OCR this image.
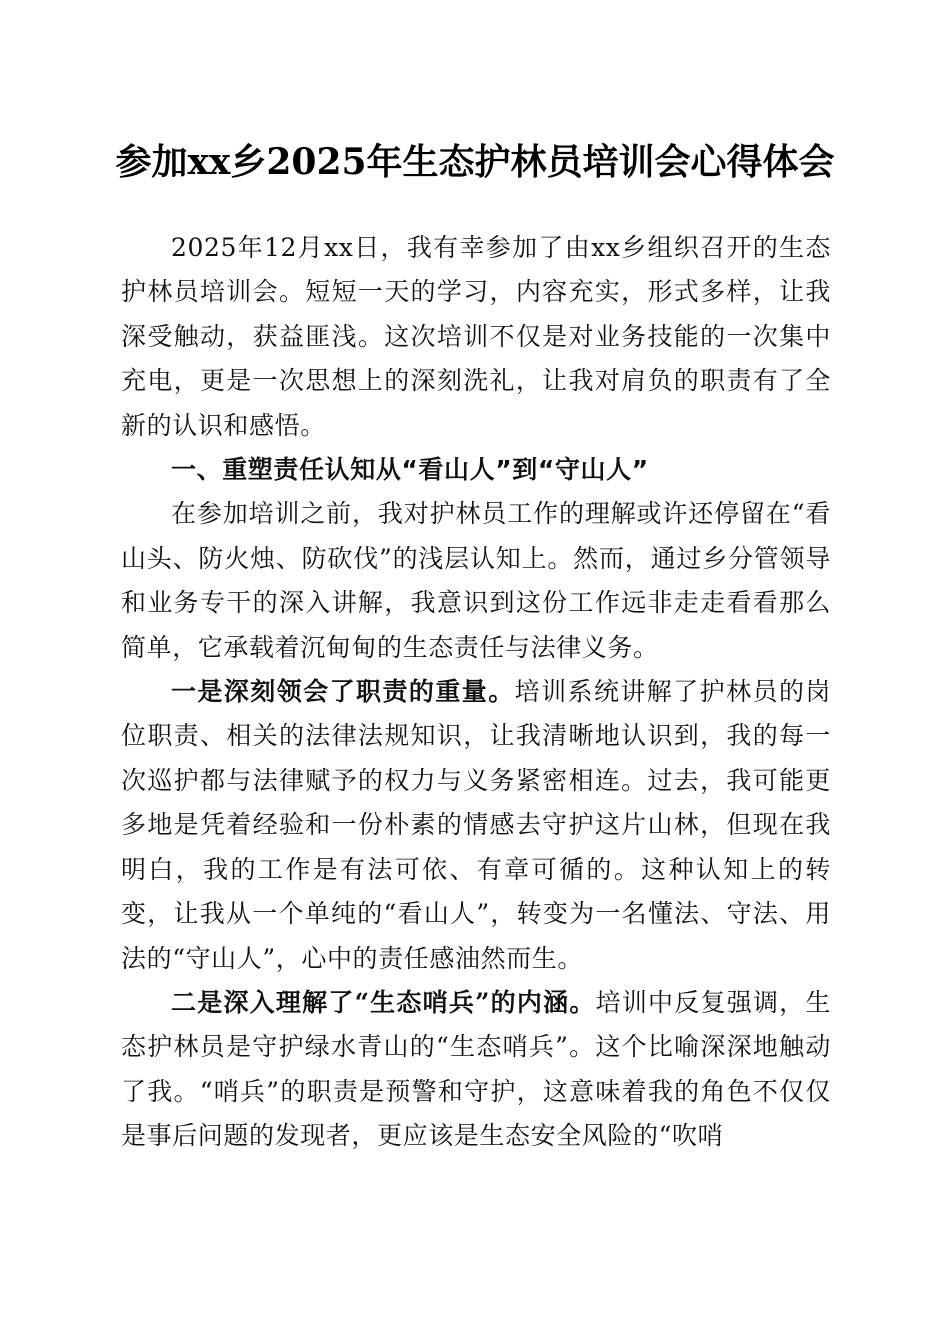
参加xx乡2025年生态护林员培训会心得体会

2025年12月xx日，我有幸参加了由xx乡组织召开的生态护林员培训会。短短一天的学习，内容充实，形式多样，让我深受触动，获益匪浅。这次培训不仅是对业务技能的一次集中充电，更是一次思想上的深刻洗礼，让我对肩负的职责有了全新的认识和感悟。

一、重塑责任认知从“看山人”到“守山人”

在参加培训之前，我对护林员工作的理解或许还停留在“看山头、防火烛、防砍伐”的浅层认知上。然而，通过乡分管领导和业务专干的深入讲解，我意识到这份工作远非走走看看那么简单，它承载着沉甸甸的生态责任与法律义务。

一是深刻领会了职责的重量。培训系统讲解了护林员的岗位职责、相关的法律法规知识，让我清晰地认识到，我的每一次巡护都与法律赋予的权力与义务紧密相连。过去，我可能更多地是凭着经验和一份朴素的情感去守护这片山林，但现在我明白，我的工作是有法可依、有章可循的。这种认知上的转变，让我从一个单纯的“看山人”，转变为一名懂法、守法、用法的“守山人”，心中的责任感油然而生。

二是深入理解了“生态哨兵”的内涵。培训中反复强调，生态护林员是守护绿水青山的“生态哨兵”。这个比喻深深地触动了我。“哨兵”的职责是预警和守护，这意味着我的角色不仅仅是事后问题的发现者，更应该是生态安全风险的“吹哨
